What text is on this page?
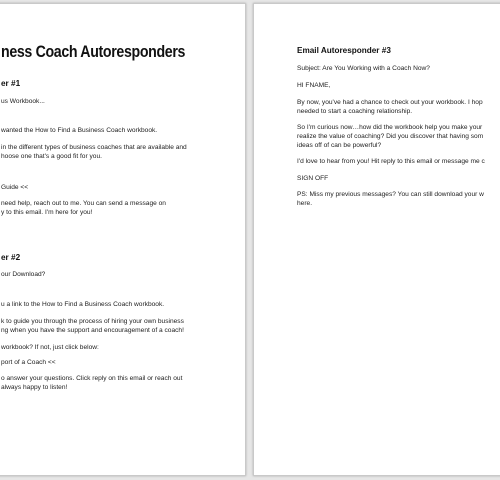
ness Coach Autoresponders
er #1
us Workbook...
wanted the How to Find a Business Coach workbook.
in the different types of business coaches that are available and
hoose one that's a good fit for you.
Guide <<
need help, reach out to me. You can send a message on
y to this email. I'm here for you!
er #2
our Download?
u a link to the How to Find a Business Coach workbook.
k to guide you through the process of hiring your own business
ng when you have the support and encouragement of a coach!
workbook? If not, just click below:
port of a Coach <<
o answer your questions. Click reply on this email or reach out
always happy to listen!
Email Autoresponder #3
Subject: Are You Working with a Coach Now?
HI FNAME,
By now, you've had a chance to check out your workbook. I hop
needed to start a coaching relationship.
So I'm curious now…how did the workbook help you make your
realize the value of coaching? Did you discover that having som
ideas off of can be powerful?
I'd love to hear from you! Hit reply to this email or message me c
SIGN OFF
PS: Miss my previous messages? You can still download your w
here.
